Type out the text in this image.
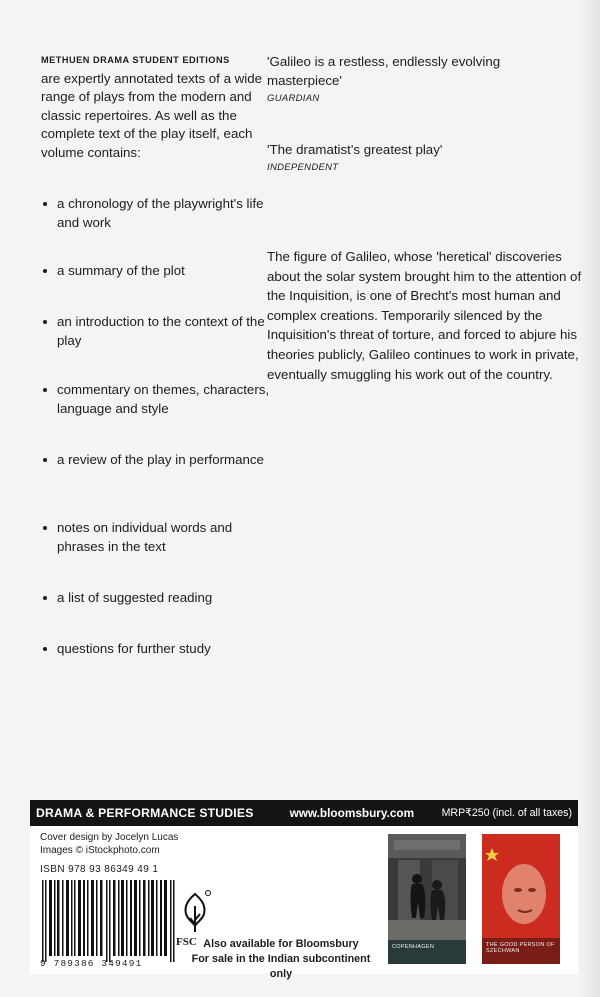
METHUEN DRAMA STUDENT EDITIONS
are expertly annotated texts of a wide range of plays from the modern and classic repertoires. As well as the complete text of the play itself, each volume contains:

a chronology of the playwright's life and work
a summary of the plot
an introduction to the context of the play
commentary on themes, characters, language and style
a review of the play in performance
notes on individual words and phrases in the text
a list of suggested reading
questions for further study

'Galileo is a restless, endlessly evolving masterpiece'

GUARDIAN

'The dramatist's greatest play'

INDEPENDENT

The figure of Galileo, whose 'heretical' discoveries about the solar system brought him to the attention of the Inquisition, is one of Brecht's most human and complex creations. Temporarily silenced by the Inquisition's threat of torture, and forced to abjure his theories publicly, Galileo continues to work in private, eventually smuggling his work out of the country.

DRAMA & PERFORMANCE STUDIES	www.bloomsbury.com	MRP₹250 (incl. of all taxes)
Cover design by Jocelyn Lucas
Images © iStockphoto.com
ISBN 978 93 86349 49 1
9 789386 349491
FSC Also available for Bloomsbury
For sale in the Indian subcontinent only
COPENHAGEN	THE GOOD PERSON OF SZECHWAN
